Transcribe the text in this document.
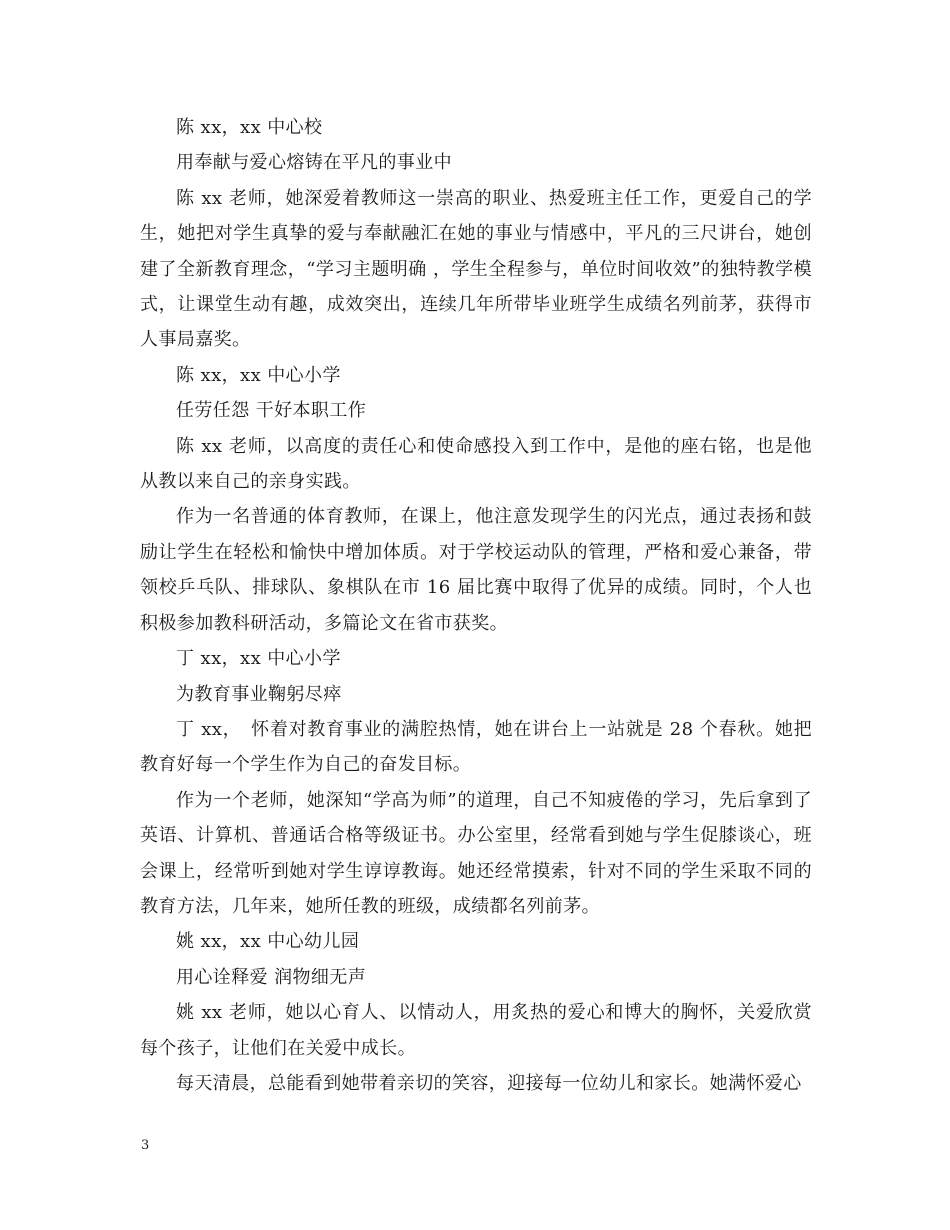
陈 xx，xx 中心校

用奉献与爱心熔铸在平凡的事业中

陈 xx 老师，她深爱着教师这一崇高的职业、热爱班主任工作，更爱自己的学生，她把对学生真挚的爱与奉献融汇在她的事业与情感中，平凡的三尺讲台，她创建了全新教育理念，“学习主题明确 ，学生全程参与，单位时间收效”的独特教学模式，让课堂生动有趣，成效突出，连续几年所带毕业班学生成绩名列前茅，获得市人事局嘉奖。

陈 xx，xx 中心小学

任劳任怨 干好本职工作

陈 xx 老师，以高度的责任心和使命感投入到工作中，是他的座右铭，也是他从教以来自己的亲身实践。

作为一名普通的体育教师，在课上，他注意发现学生的闪光点，通过表扬和鼓励让学生在轻松和愉快中增加体质。对于学校运动队的管理，严格和爱心兼备，带领校乒乓队、排球队、象棋队在市 16 届比赛中取得了优异的成绩。同时，个人也积极参加教科研活动，多篇论文在省市获奖。

丁 xx，xx 中心小学

为教育事业鞠躬尽瘁

丁 xx，　怀着对教育事业的满腔热情，她在讲台上一站就是 28 个春秋。她把教育好每一个学生作为自己的奋发目标。

作为一个老师，她深知“学高为师”的道理，自己不知疲倦的学习，先后拿到了英语、计算机、普通话合格等级证书。办公室里，经常看到她与学生促膝谈心，班会课上，经常听到她对学生谆谆教诲。她还经常摸索，针对不同的学生采取不同的教育方法，几年来，她所任教的班级，成绩都名列前茅。

姚 xx，xx 中心幼儿园

用心诠释爱 润物细无声

姚 xx 老师，她以心育人、以情动人，用炙热的爱心和博大的胸怀，关爱欣赏每个孩子，让他们在关爱中成长。

每天清晨，总能看到她带着亲切的笑容，迎接每一位幼儿和家长。她满怀爱心

3
